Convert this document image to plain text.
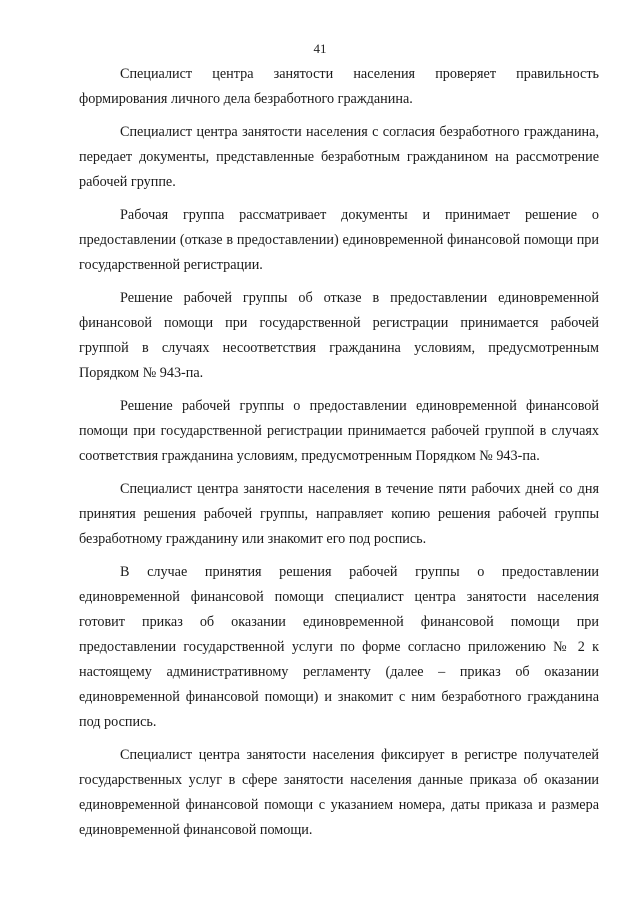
41

Специалист центра занятости населения проверяет правильность формирования личного дела безработного гражданина.

Специалист центра занятости населения с согласия безработного гражданина, передает документы, представленные безработным гражданином на рассмотрение рабочей группе.

Рабочая группа рассматривает документы и принимает решение о предоставлении (отказе в предоставлении) единовременной финансовой помощи при государственной регистрации.

Решение рабочей группы об отказе в предоставлении единовременной финансовой помощи при государственной регистрации принимается рабочей группой в случаях несоответствия гражданина условиям, предусмотренным Порядком № 943-па.

Решение рабочей группы о предоставлении единовременной финансовой помощи при государственной регистрации принимается рабочей группой в случаях соответствия гражданина условиям, предусмотренным Порядком № 943-па.

Специалист центра занятости населения в течение пяти рабочих дней со дня принятия решения рабочей группы, направляет копию решения рабочей группы безработному гражданину или знакомит его под роспись.

В случае принятия решения рабочей группы о предоставлении единовременной финансовой помощи специалист центра занятости населения готовит приказ об оказании единовременной финансовой помощи при предоставлении государственной услуги по форме согласно приложению № 2 к настоящему административному регламенту (далее – приказ об оказании единовременной финансовой помощи) и знакомит с ним безработного гражданина под роспись.

Специалист центра занятости населения фиксирует в регистре получателей государственных услуг в сфере занятости населения данные приказа об оказании единовременной финансовой помощи с указанием номера, даты приказа и размера единовременной финансовой помощи.
